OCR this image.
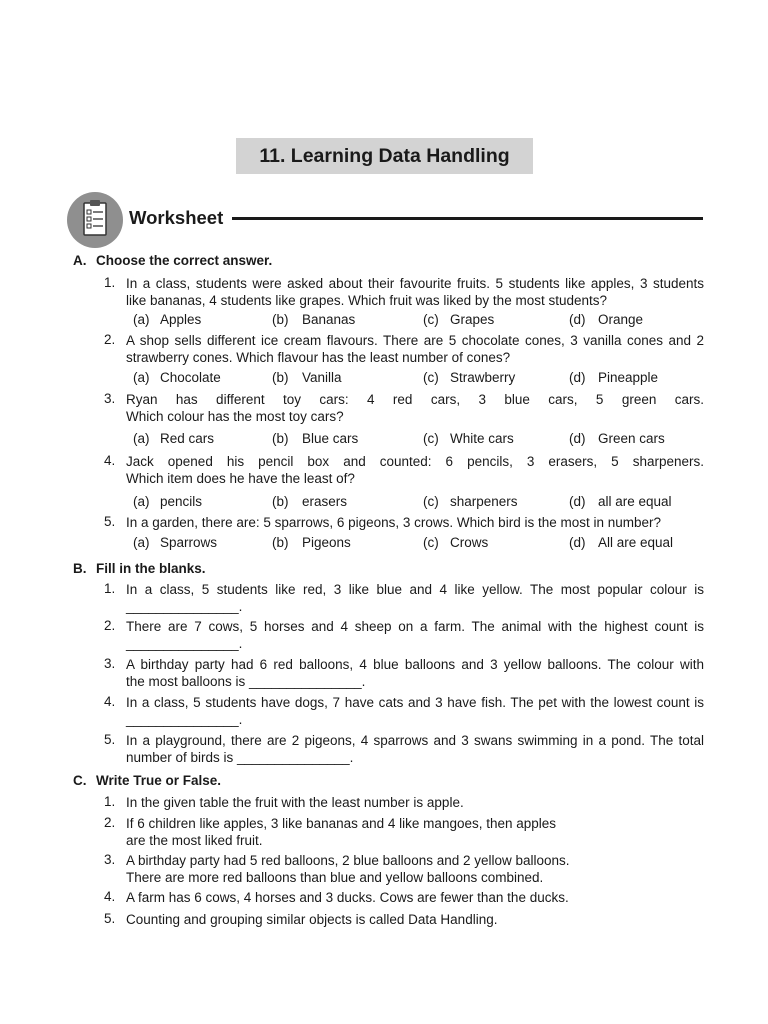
11. Learning Data Handling
Worksheet
A. Choose the correct answer.
1. In a class, students were asked about their favourite fruits. 5 students like apples, 3 students
like bananas, 4 students like grapes. Which fruit was liked by the most students?
(a) Apples	(b) Bananas	(c) Grapes	(d) Orange
2. A shop sells different ice cream flavours. There are 5 chocolate cones, 3 vanilla cones and 2
strawberry cones. Which flavour has the least number of cones?
(a) Chocolate	(b) Vanilla	(c) Strawberry	(d) Pineapple
3. Ryan has different toy cars: 4 red cars, 3 blue cars, 5 green cars.
Which colour has the most toy cars?
(a) Red cars	(b) Blue cars	(c) White cars	(d) Green cars
4. Jack opened his pencil box and counted: 6 pencils, 3 erasers, 5 sharpeners.
Which item does he have the least of?
(a) pencils	(b) erasers	(c) sharpeners	(d) all are equal
5. In a garden, there are: 5 sparrows, 6 pigeons, 3 crows. Which bird is the most in number?
(a) Sparrows	(b) Pigeons	(c) Crows	(d) All are equal
B. Fill in the blanks.
1. In a class, 5 students like red, 3 like blue and 4 like yellow. The most popular colour is
_______________.
2. There are 7 cows, 5 horses and 4 sheep on a farm. The animal with the highest count is
_______________.
3. A birthday party had 6 red balloons, 4 blue balloons and 3 yellow balloons. The colour with
the most balloons is _______________.
4. In a class, 5 students have dogs, 7 have cats and 3 have fish. The pet with the lowest count is
_______________.
5. In a playground, there are 2 pigeons, 4 sparrows and 3 swans swimming in a pond. The total
number of birds is _______________.
C. Write True or False.
1. In the given table the fruit with the least number is apple.
2. If 6 children like apples, 3 like bananas and 4 like mangoes, then apples
are the most liked fruit.
3. A birthday party had 5 red balloons, 2 blue balloons and 2 yellow balloons.
There are more red balloons than blue and yellow balloons combined.
4. A farm has 6 cows, 4 horses and 3 ducks. Cows are fewer than the ducks.
5. Counting and grouping similar objects is called Data Handling.
